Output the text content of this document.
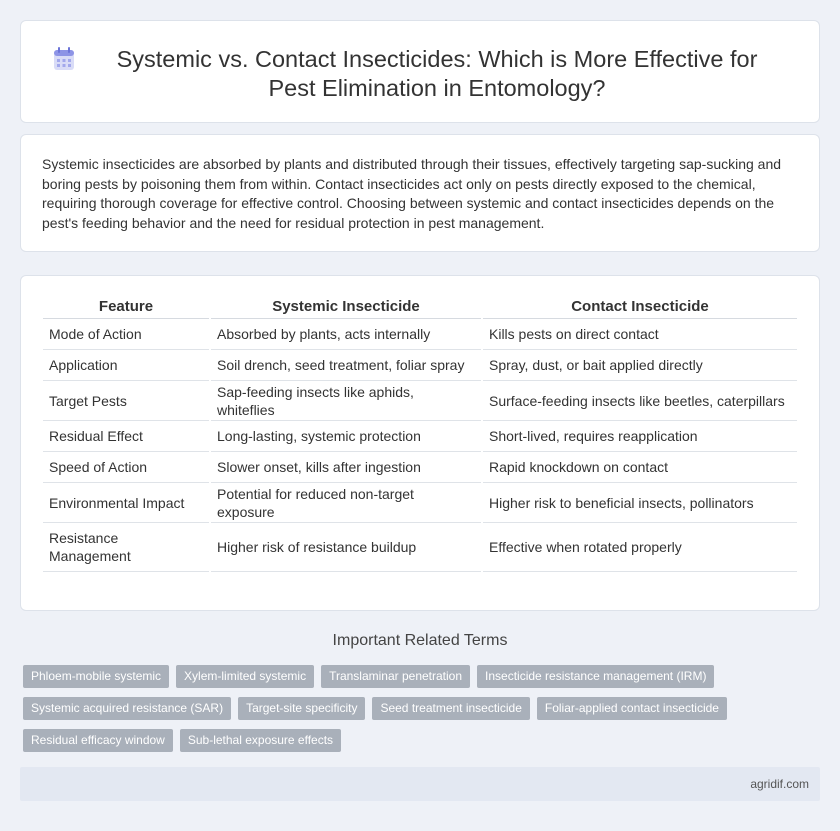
Systemic vs. Contact Insecticides: Which is More Effective for Pest Elimination in Entomology?

Systemic insecticides are absorbed by plants and distributed through their tissues, effectively targeting sap-sucking and boring pests by poisoning them from within. Contact insecticides act only on pests directly exposed to the chemical, requiring thorough coverage for effective control. Choosing between systemic and contact insecticides depends on the pest's feeding behavior and the need for residual protection in pest management.

Feature	Systemic Insecticide	Contact Insecticide
Mode of Action	Absorbed by plants, acts internally	Kills pests on direct contact
Application	Soil drench, seed treatment, foliar spray	Spray, dust, or bait applied directly
Target Pests	Sap-feeding insects like aphids, whiteflies	Surface-feeding insects like beetles, caterpillars
Residual Effect	Long-lasting, systemic protection	Short-lived, requires reapplication
Speed of Action	Slower onset, kills after ingestion	Rapid knockdown on contact
Environmental Impact	Potential for reduced non-target exposure	Higher risk to beneficial insects, pollinators
Resistance Management	Higher risk of resistance buildup	Effective when rotated properly
Important Related Terms
Phloem-mobile systemic	Xylem-limited systemic	Translaminar penetration	Insecticide resistance management (IRM)
Systemic acquired resistance (SAR)	Target-site specificity	Seed treatment insecticide	Foliar-applied contact insecticide
Residual efficacy window	Sub-lethal exposure effects
agridif.com
